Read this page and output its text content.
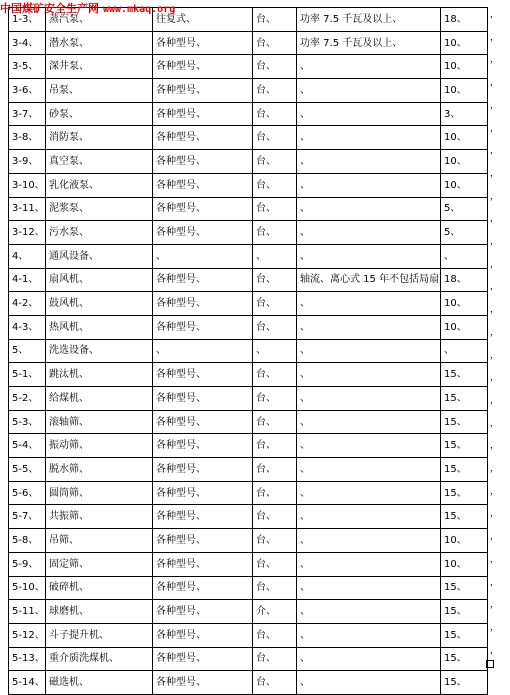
中国煤矿安全生产网 www.mkaq.org
1-3、	蒸汽泵、	往复式、	台、	功率 7.5 千瓦及以上、	18、
3-4、	潜水泵、	各种型号、	台、	功率 7.5 千瓦及以上、	10、
3-5、	深井泵、	各种型号、	台、	、	10、
3-6、	吊泵、	各种型号、	台、	、	10、
3-7、	砂泵、	各种型号、	台、	、	3、
3-8、	消防泵、	各种型号、	台、	、	10、
3-9、	真空泵、	各种型号、	台、	、	10、
3-10、	乳化液泵、	各种型号、	台、	、	10、
3-11、	泥浆泵、	各种型号、	台、	、	5、
3-12、	污水泵、	各种型号、	台、	、	5、
4、	通风设备、	、	、	、	、
4-1、	扇风机、	各种型号、	台、	轴流、离心式 15 年不包括局扇	18、
4-2、	鼓风机、	各种型号、	台、	、	10、
4-3、	热风机、	各种型号、	台、	、	10、
5、	洗选设备、	、	、	、	、
5-1、	跳汰机、	各种型号、	台、	、	15、
5-2、	给煤机、	各种型号、	台、	、	15、
5-3、	滚轴筛、	各种型号、	台、	、	15、
5-4、	振动筛、	各种型号、	台、	、	15、
5-5、	脱水筛、	各种型号、	台、	、	15、
5-6、	圆筒筛、	各种型号、	台、	、	15、
5-7、	共振筛、	各种型号、	台、	、	15、
5-8、	吊筛、	各种型号、	台、	、	10、
5-9、	固定筛、	各种型号、	台、	、	10、
5-10、	破碎机、	各种型号、	台、	、	15、
5-11、	球磨机、	各种型号、	介、	、	15、
5-12、	斗子提升机、	各种型号、	台、	、	15、
5-13、	重介质洗煤机、	各种型号、	台、	、	15、
5-14、	磁选机、	各种型号、	台、	、	15、
，
，
，
，
，
，
，
，
，
，
，
，
，
，
，
，
，
，
，
，
，
，
，
，
，
，
，
，
，
